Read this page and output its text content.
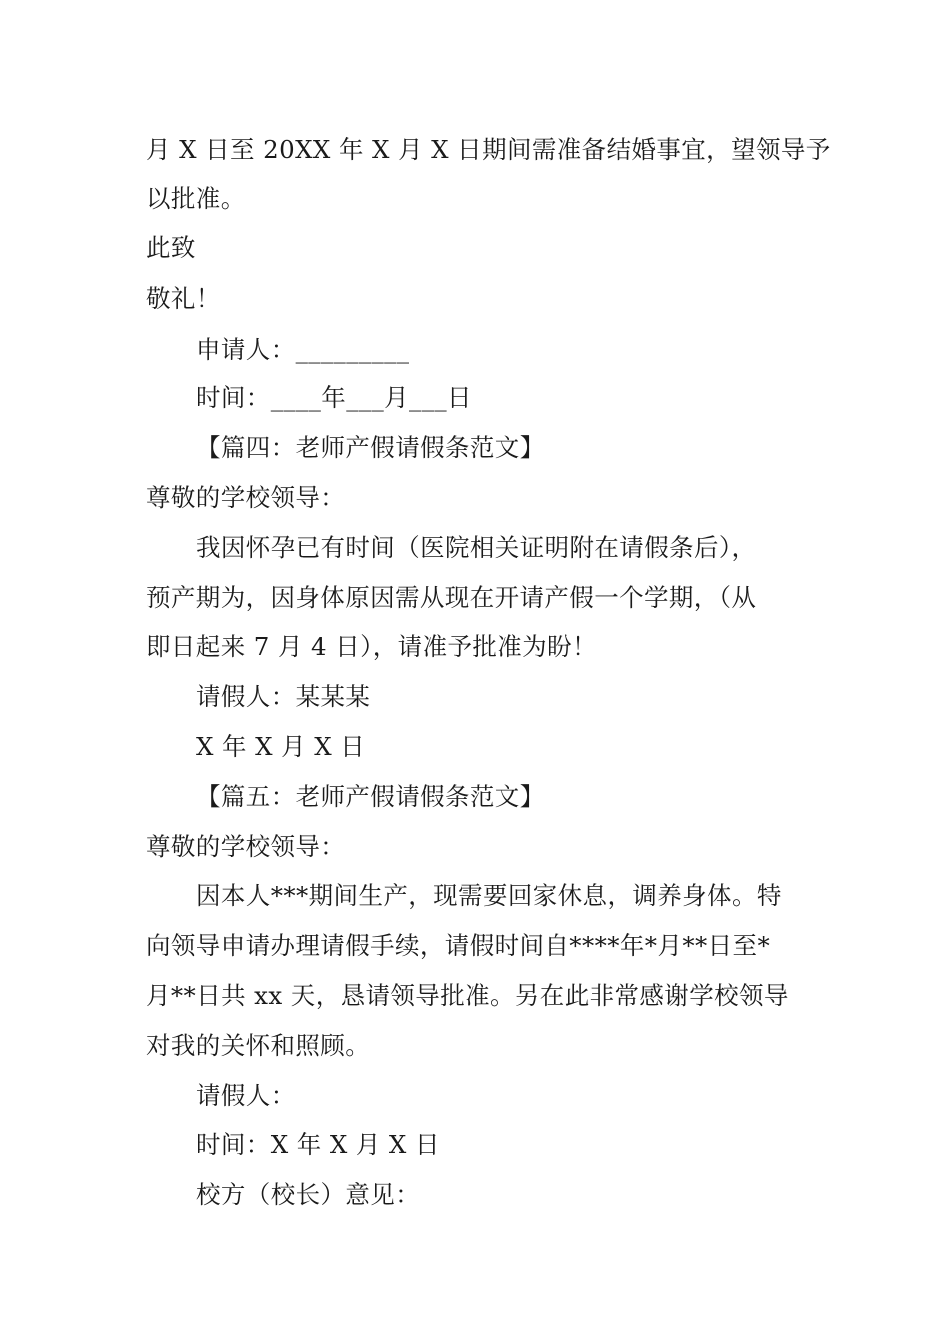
月 X 日至 20XX 年 X 月 X 日期间需准备结婚事宜，望领导予
以批准。
此致
敬礼！
申请人：_________
时间：____年___月___日
【篇四：老师产假请假条范文】
尊敬的学校领导：
我因怀孕已有时间（医院相关证明附在请假条后），
预产期为，因身体原因需从现在开请产假一个学期，（从
即日起来 7 月 4 日），请准予批准为盼！
请假人：某某某
X 年 X 月 X 日
【篇五：老师产假请假条范文】
尊敬的学校领导：
因本人***期间生产，现需要回家休息，调养身体。特
向领导申请办理请假手续，请假时间自****年*月**日至*
月**日共 xx 天，恳请领导批准。另在此非常感谢学校领导
对我的关怀和照顾。
请假人：
时间：X 年 X 月 X 日
校方（校长）意见：
